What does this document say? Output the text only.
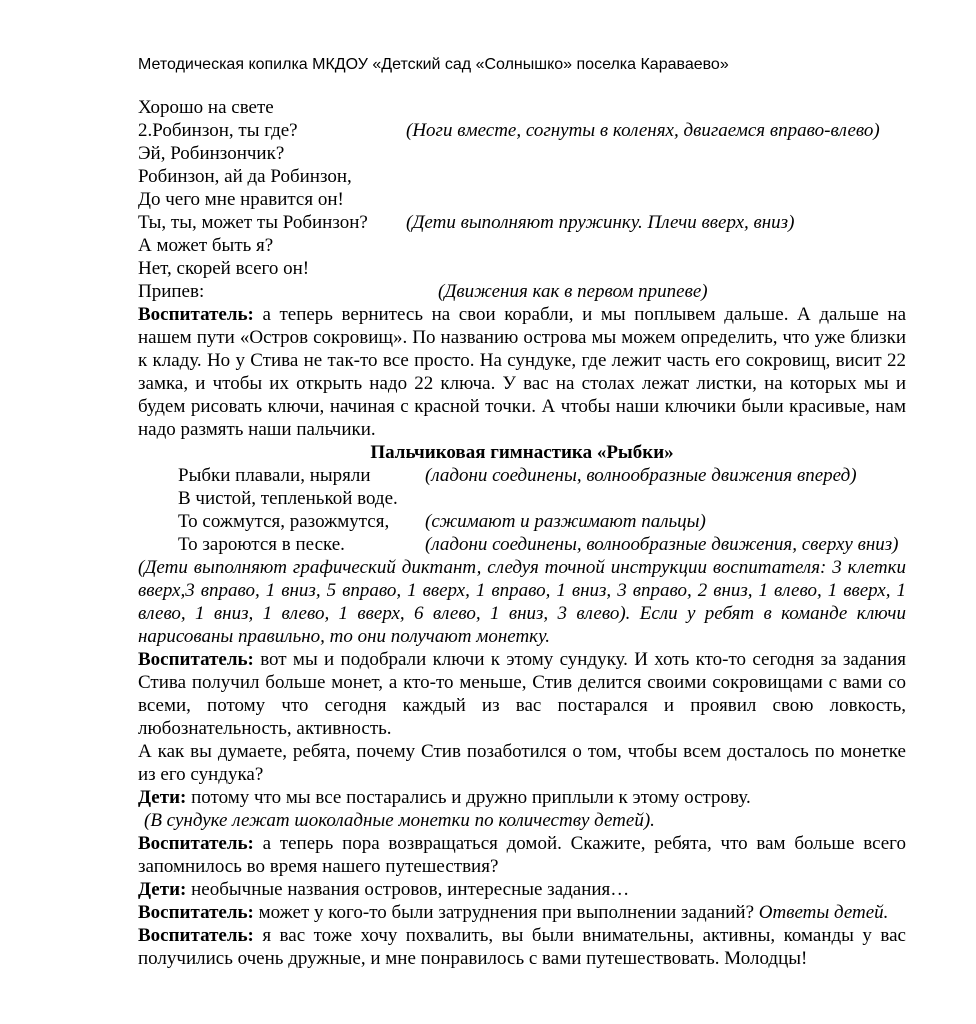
Методическая копилка МКДОУ «Детский сад «Солнышко» поселка Караваево»
Хорошо на свете
2.Робинзон, ты где?	(Ноги вместе, согнуты в коленях, двигаемся вправо-влево)
Эй, Робинзончик?
Робинзон, ай да Робинзон,
До чего мне нравится он!
Ты, ты, может ты Робинзон?	(Дети выполняют пружинку. Плечи вверх, вниз)
А может быть я?
Нет, скорей всего он!
Припев:	(Движения как в первом припеве)

Воспитатель: а теперь вернитесь на свои корабли, и мы поплывем дальше. А дальше на нашем пути «Остров сокровищ». По названию острова мы можем определить, что уже близки к кладу. Но у Стива не так-то все просто. На сундуке, где лежит часть его сокровищ, висит 22 замка, и чтобы их открыть надо 22 ключа. У вас на столах лежат листки, на которых мы и будем рисовать ключи, начиная с красной точки. А чтобы наши ключики были красивые, нам надо размять наши пальчики.

Пальчиковая гимнастика «Рыбки»
Рыбки плавали, ныряли	(ладони соединены, волнообразные движения вперед)
В чистой, тепленькой воде.
То сожмутся, разожмутся,	(сжимают и разжимают пальцы)
То зароются в песке.	(ладони соединены, волнообразные движения, сверху вниз)

(Дети выполняют графический диктант, следуя точной инструкции воспитателя: 3 клетки вверх,3 вправо, 1 вниз, 5 вправо, 1 вверх, 1 вправо, 1 вниз, 3 вправо, 2 вниз, 1 влево, 1 вверх, 1 влево, 1 вниз, 1 влево, 1 вверх, 6 влево, 1 вниз, 3 влево). Если у ребят в команде ключи нарисованы правильно, то они получают монетку.

Воспитатель: вот мы и подобрали ключи к этому сундуку. И хоть кто-то сегодня за задания Стива получил больше монет, а кто-то меньше, Стив делится своими сокровищами с вами со всеми, потому что сегодня каждый из вас постарался и проявил свою ловкость, любознательность, активность.

А как вы думаете, ребята, почему Стив позаботился о том, чтобы всем досталось по монетке из его сундука?

Дети: потому что мы все постарались и дружно приплыли к этому острову.

(В сундуке лежат шоколадные монетки по количеству детей).

Воспитатель: а теперь пора возвращаться домой. Скажите, ребята, что вам больше всего запомнилось во время нашего путешествия?

Дети: необычные названия островов, интересные задания…

Воспитатель: может у кого-то были затруднения при выполнении заданий? Ответы детей.

Воспитатель: я вас тоже хочу похвалить, вы были внимательны, активны, команды у вас получились очень дружные, и мне понравилось с вами путешествовать. Молодцы!
